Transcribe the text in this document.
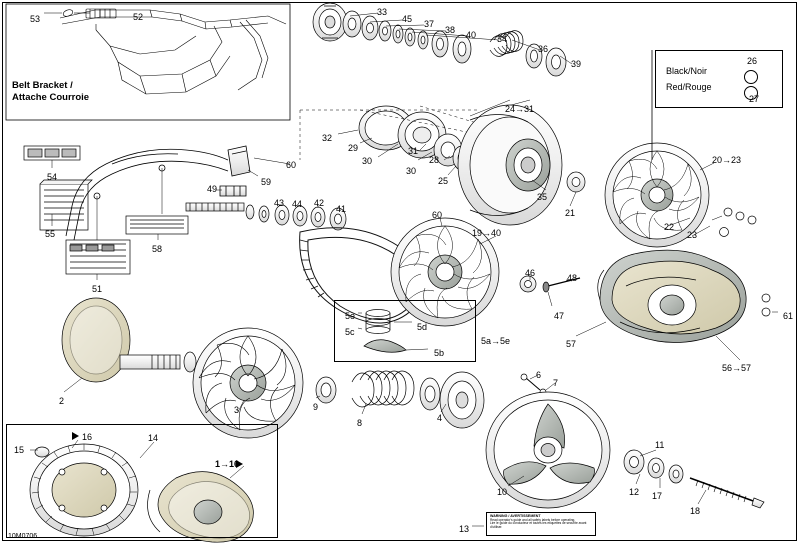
Black/Noir
Red/Rouge
Belt Bracket /
Attache Courroie
WARNING / AVERTISSEMENT
Read operator's guide and all safety labels before operating.
Lire le guide du conducteur et toutes les etiquettes de securite avant d'utiliser.
10M0706
53	52	33
45 37
38 40 34
36
39	26
27
24→31
32
29	31
28
30
30
25
35
21
20→23
22
23
54
55
58
51
60
59
49
43 44 42
41
60
19→40
46	48
47	61
57
56→57
5e
5c	5d
5b
5a→5e
2
3	9
8	4
6
7
10
11
12 17
18
13
15
16	14
1→16
